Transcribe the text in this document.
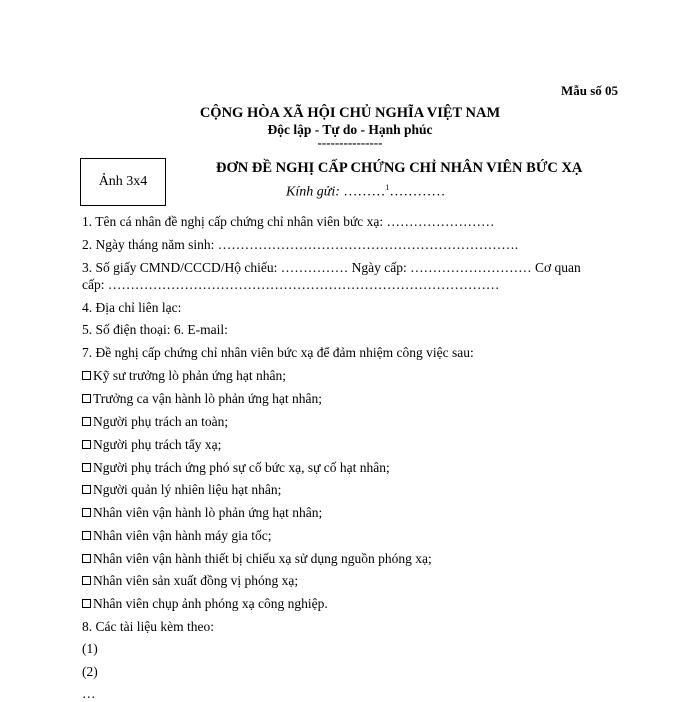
Mẫu số 05
CỘNG HÒA XÃ HỘI CHỦ NGHĨA VIỆT NAM
Độc lập - Tự do - Hạnh phúc
---------------
Ảnh 3x4
ĐƠN ĐỀ NGHỊ CẤP CHỨNG CHỈ NHÂN VIÊN BỨC XẠ
Kính gửi: ………$^1$…………
1. Tên cá nhân đề nghị cấp chứng chỉ nhân viên bức xạ: ……………………
2. Ngày tháng năm sinh: ………………………………………………………….
3. Số giấy CMND/CCCD/Hộ chiếu: …………… Ngày cấp: ……………………… Cơ quan
cấp: ……………………………………………………………………………
4. Địa chỉ liên lạc:
5. Số điện thoại: 6. E-mail:
7. Đề nghị cấp chứng chỉ nhân viên bức xạ để đảm nhiệm công việc sau:
Kỹ sư trưởng lò phản ứng hạt nhân;
Trưởng ca vận hành lò phản ứng hạt nhân;
Người phụ trách an toàn;
Người phụ trách tẩy xạ;
Người phụ trách ứng phó sự cố bức xạ, sự cố hạt nhân;
Người quản lý nhiên liệu hạt nhân;
Nhân viên vận hành lò phản ứng hạt nhân;
Nhân viên vận hành máy gia tốc;
Nhân viên vận hành thiết bị chiếu xạ sử dụng nguồn phóng xạ;
Nhân viên sản xuất đồng vị phóng xạ;
Nhân viên chụp ảnh phóng xạ công nghiệp.
8. Các tài liệu kèm theo:
(1)
(2)
…
